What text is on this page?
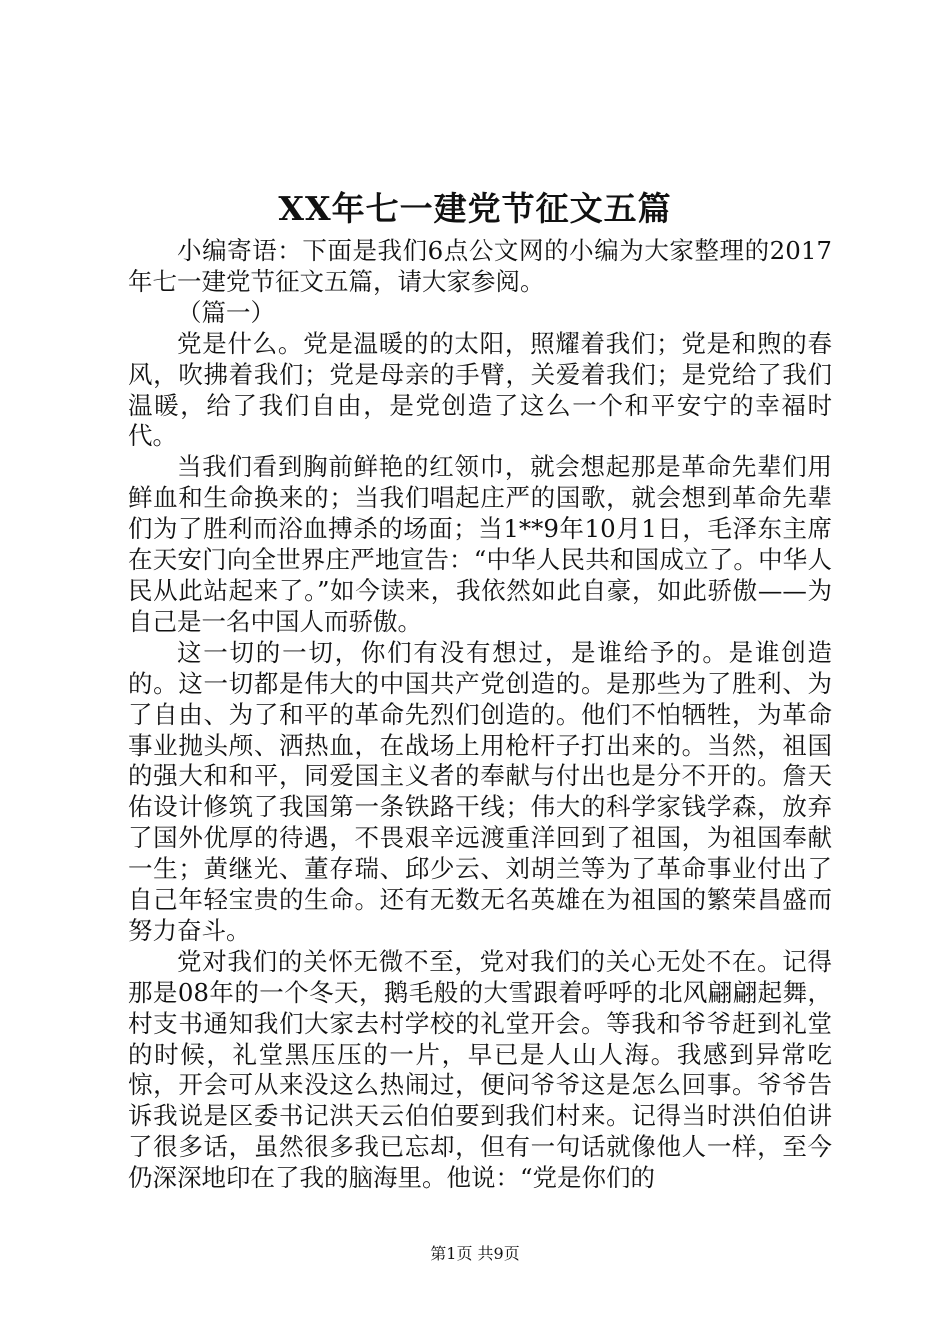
XX年七一建党节征文五篇

小编寄语：下面是我们6点公文网的小编为大家整理的2017年七一建党节征文五篇，请大家参阅。

（篇一）

党是什么。党是温暖的的太阳，照耀着我们；党是和煦的春风，吹拂着我们；党是母亲的手臂，关爱着我们；是党给了我们温暖，给了我们自由，是党创造了这么一个和平安宁的幸福时代。

当我们看到胸前鲜艳的红领巾，就会想起那是革命先辈们用鲜血和生命换来的；当我们唱起庄严的国歌，就会想到革命先辈们为了胜利而浴血搏杀的场面；当1**9年10月1日，毛泽东主席在天安门向全世界庄严地宣告：“中华人民共和国成立了。中华人民从此站起来了。”如今读来，我依然如此自豪，如此骄傲——为自己是一名中国人而骄傲。

这一切的一切，你们有没有想过，是谁给予的。是谁创造的。这一切都是伟大的中国共产党创造的。是那些为了胜利、为了自由、为了和平的革命先烈们创造的。他们不怕牺牲，为革命事业抛头颅、洒热血，在战场上用枪杆子打出来的。当然，祖国的强大和和平，同爱国主义者的奉献与付出也是分不开的。詹天佑设计修筑了我国第一条铁路干线；伟大的科学家钱学森，放弃了国外优厚的待遇，不畏艰辛远渡重洋回到了祖国，为祖国奉献一生；黄继光、董存瑞、邱少云、刘胡兰等为了革命事业付出了自己年轻宝贵的生命。还有无数无名英雄在为祖国的繁荣昌盛而努力奋斗。

党对我们的关怀无微不至，党对我们的关心无处不在。记得那是08年的一个冬天，鹅毛般的大雪跟着呼呼的北风翩翩起舞，村支书通知我们大家去村学校的礼堂开会。等我和爷爷赶到礼堂的时候，礼堂黑压压的一片，早已是人山人海。我感到异常吃惊，开会可从来没这么热闹过，便问爷爷这是怎么回事。爷爷告诉我说是区委书记洪天云伯伯要到我们村来。记得当时洪伯伯讲了很多话，虽然很多我已忘却，但有一句话就像他人一样，至今仍深深地印在了我的脑海里。他说：“党是你们的

第1页 共9页
